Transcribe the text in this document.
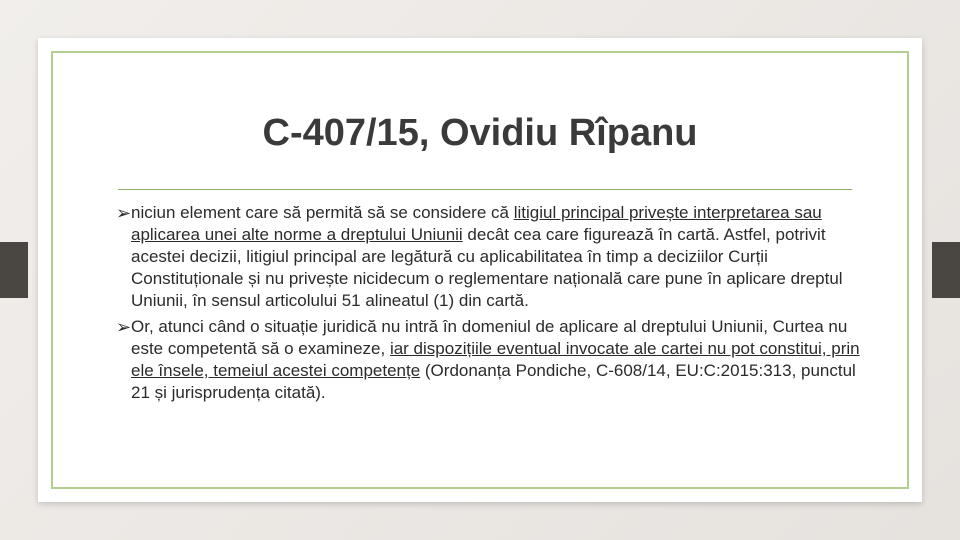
C-407/15, Ovidiu Rîpanu
➢ niciun element care să permită să se considere că litigiul principal privește interpretarea sau aplicarea unei alte norme a dreptului Uniunii decât cea care figurează în cartă. Astfel, potrivit acestei decizii, litigiul principal are legătură cu aplicabilitatea în timp a deciziilor Curții Constituționale și nu privește nicidecum o reglementare națională care pune în aplicare dreptul Uniunii, în sensul articolului 51 alineatul (1) din cartă.
➢ Or, atunci când o situație juridică nu intră în domeniul de aplicare al dreptului Uniunii, Curtea nu este competentă să o examineze, iar dispozițiile eventual invocate ale cartei nu pot constitui, prin ele însele, temeiul acestei competențe (Ordonanța Pondiche, C-608/14, EU:C:2015:313, punctul 21 și jurisprudența citată).
